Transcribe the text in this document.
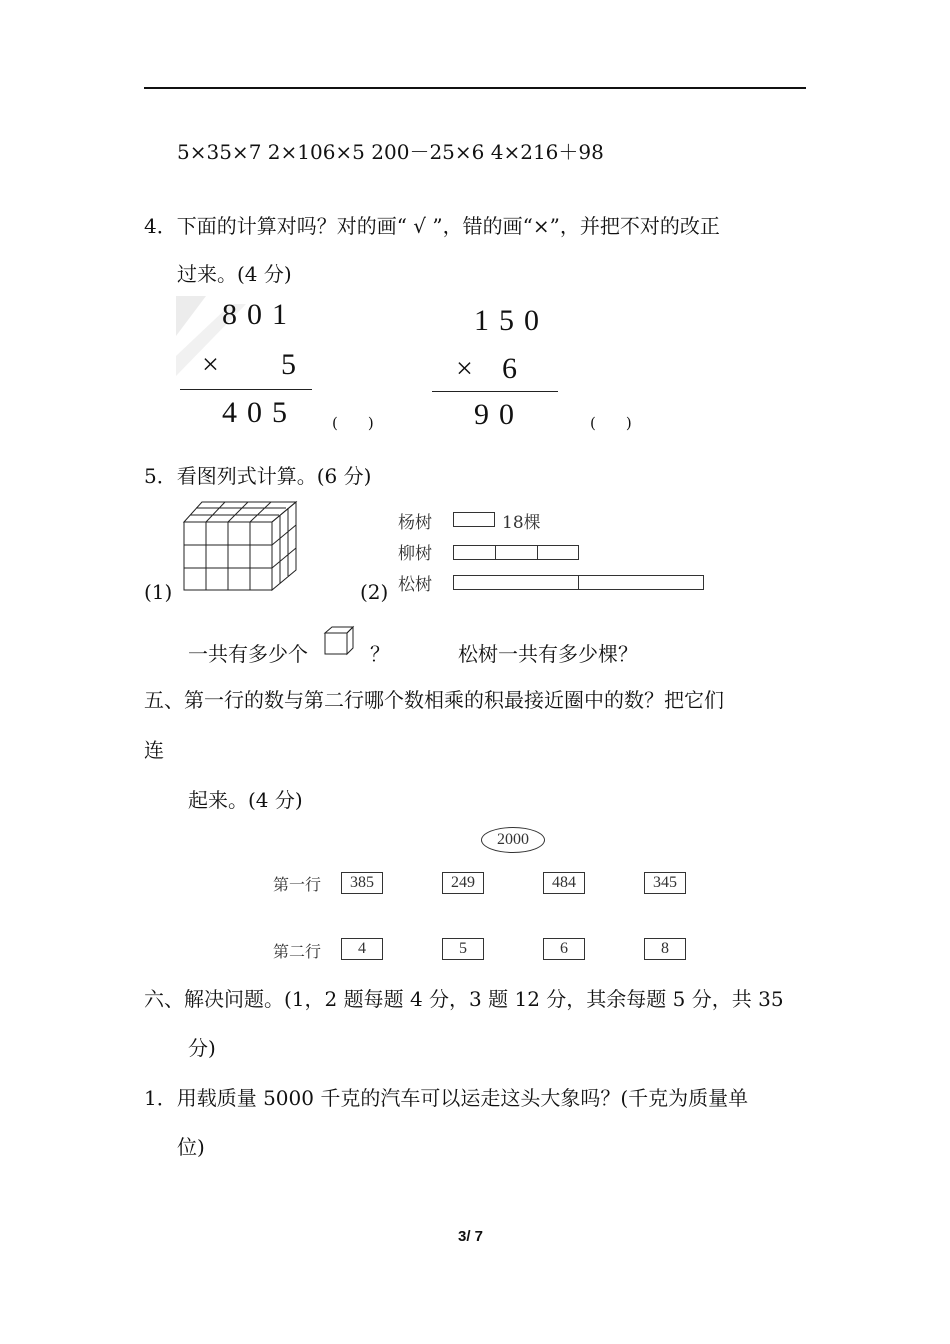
5×35×7 2×106×5 200－25×6 4×216＋98
4．下面的计算对吗？对的画“ √ ”，错的画“×”，并把不对的改正
过来。(4 分)
801
× 5
405 (　　)
150
× 6
90	(　　)
5．看图列式计算。(6 分)
(1)	(2)
杨树	18棵
柳树
松树
一共有多少个	？	松树一共有多少棵？
五、第一行的数与第二行哪个数相乘的积最接近圈中的数？把它们
连
起来。(4 分)
2000
第一行	385	249	484	345
第二行	4	5	6	8
六、解决问题。(1，2 题每题 4 分，3 题 12 分，其余每题 5 分，共 35
分)
1．用载质量 5000 千克的汽车可以运走这头大象吗？(千克为质量单
位)
3/ 7
